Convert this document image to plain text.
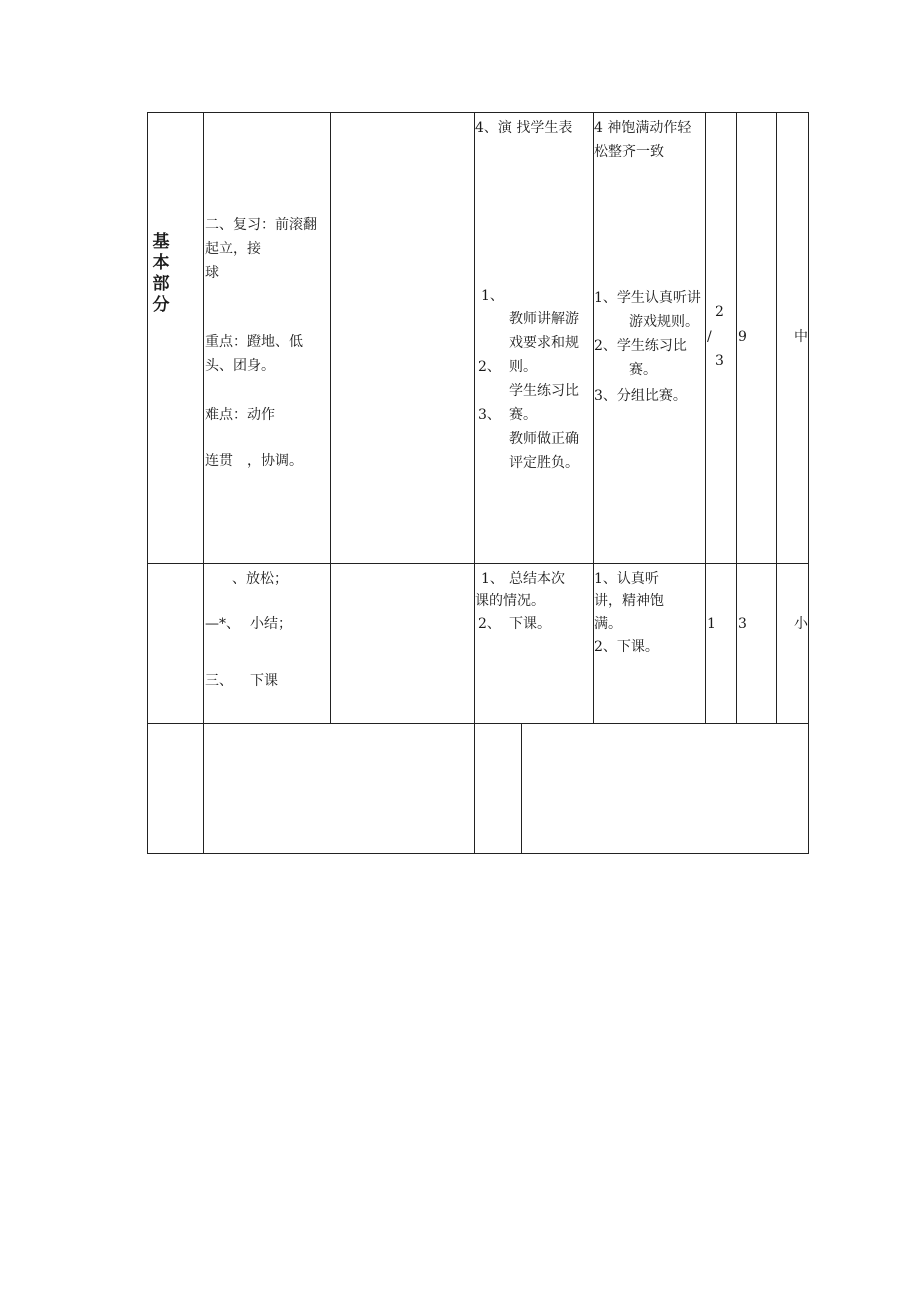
基本部分
二、复习：前滚翻
起立，接
球
重点：蹬地、低
头、团身。
难点：动作
连贯　，协调。
4、演 找学生表
1、
教师讲解游
戏要求和规
2、 则。
学生练习比
3、 赛。
教师做正确
评定胜负。
4 神饱满动作轻
松整齐一致
1、学生认真听讲
游戏规则。
2、学生练习比
赛。
3、分组比赛。
2
/
3
9	中
、放松；
—*、 小结；
三、 下课
1、 总结本次
课的情况。
2、 下课。
1、认真听
讲，精神饱
满。
2、下课。
1 3	小
